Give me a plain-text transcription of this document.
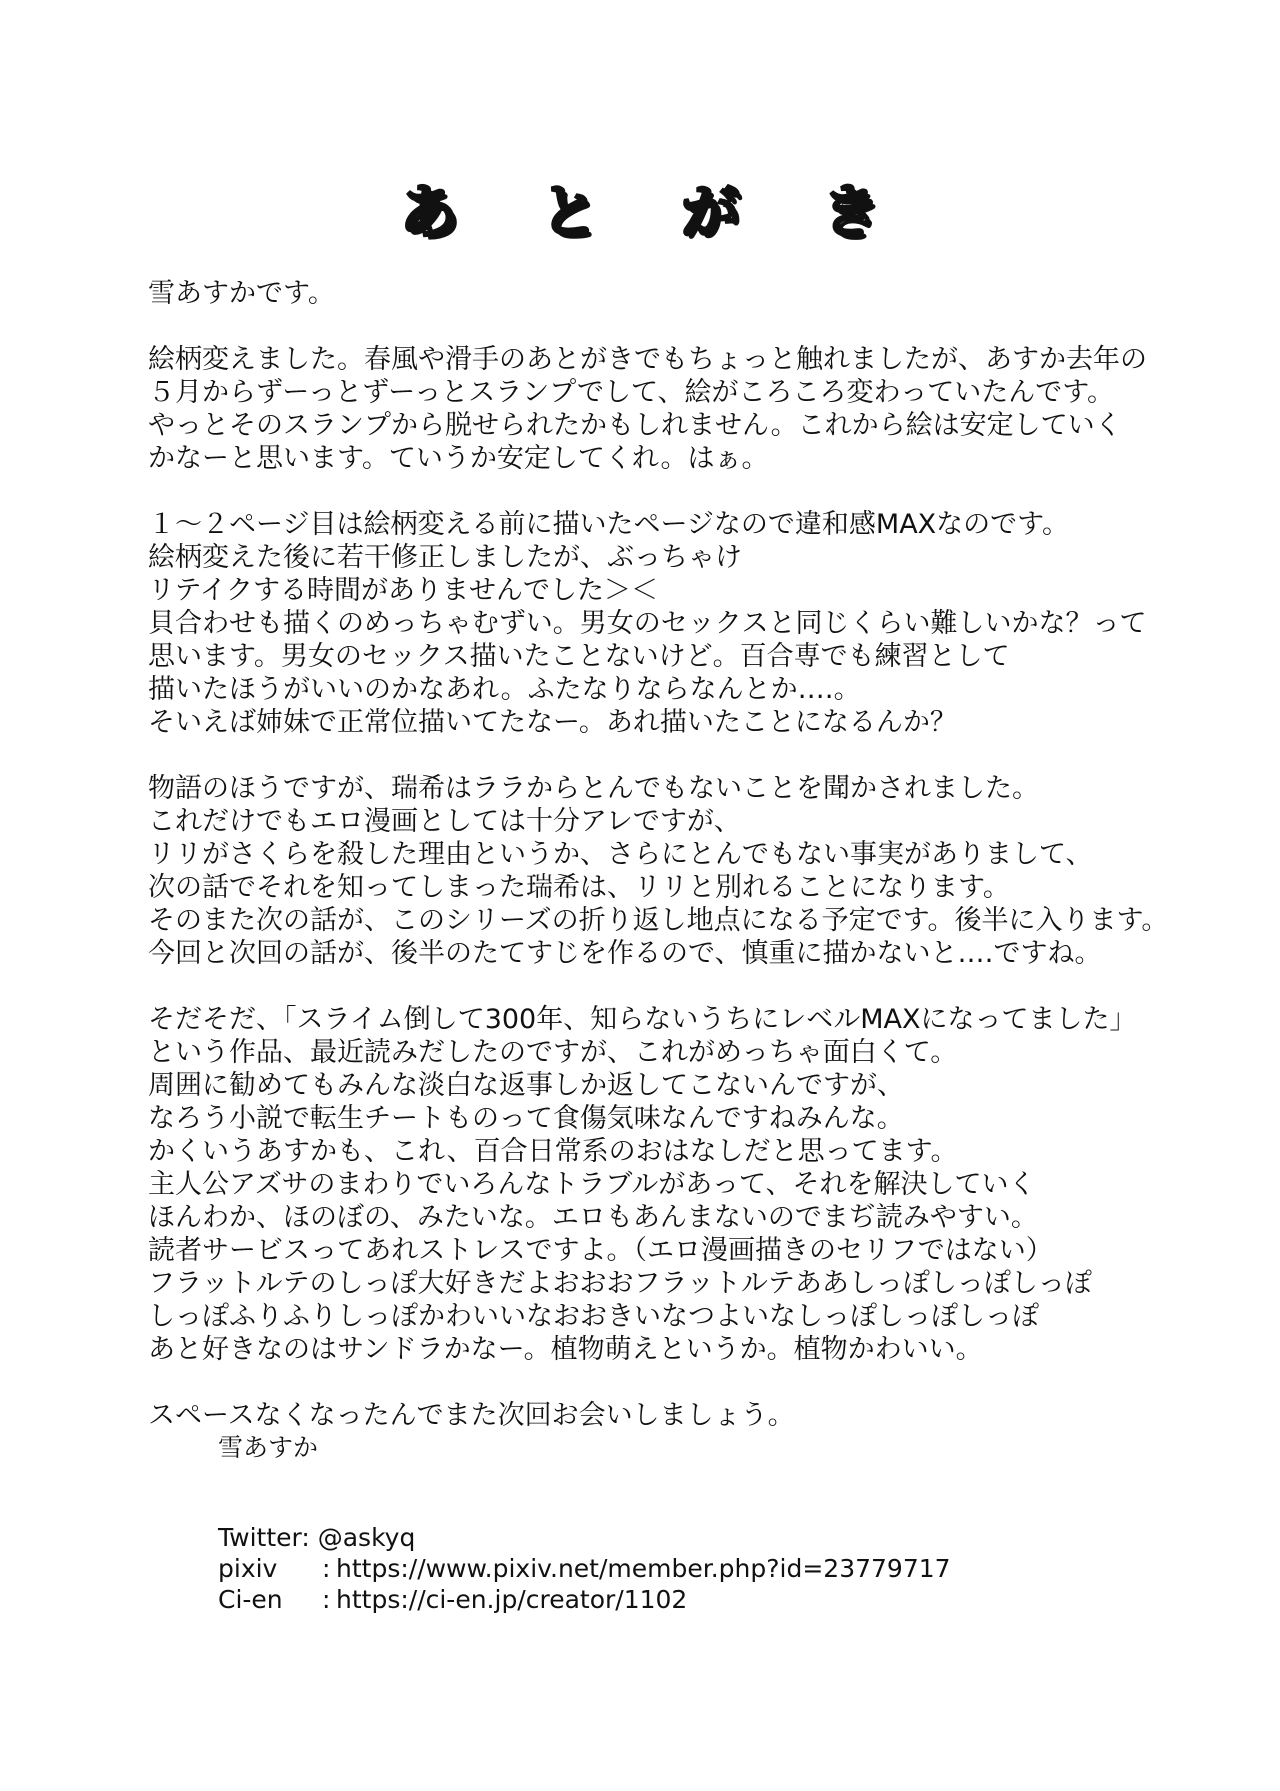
あ と が き
雪あすかです。
絵柄変えました。春風や滑手のあとがきでもちょっと触れましたが、あすか去年の
５月からずーっとずーっとスランプでして、絵がころころ変わっていたんです。
やっとそのスランプから脱せられたかもしれません。これから絵は安定していく
かなーと思います。ていうか安定してくれ。はぁ。
１～２ページ目は絵柄変える前に描いたページなので違和感MAXなのです。
絵柄変えた後に若干修正しましたが、ぶっちゃけ
リテイクする時間がありませんでした＞＜
貝合わせも描くのめっちゃむずい。男女のセックスと同じくらい難しいかな？って
思います。男女のセックス描いたことないけど。百合専でも練習として
描いたほうがいいのかなあれ。ふたなりならなんとか‥‥。
そいえば姉妹で正常位描いてたなー。あれ描いたことになるんか？
物語のほうですが、瑞希はララからとんでもないことを聞かされました。
これだけでもエロ漫画としては十分アレですが、
リリがさくらを殺した理由というか、さらにとんでもない事実がありまして、
次の話でそれを知ってしまった瑞希は、リリと別れることになります。
そのまた次の話が、このシリーズの折り返し地点になる予定です。後半に入ります。
今回と次回の話が、後半のたてすじを作るので、慎重に描かないと‥‥ですね。
そだそだ、「スライム倒して300年、知らないうちにレベルMAXになってました」
という作品、最近読みだしたのですが、これがめっちゃ面白くて。
周囲に勧めてもみんな淡白な返事しか返してこないんですが、
なろう小説で転生チートものって食傷気味なんですねみんな。
かくいうあすかも、これ、百合日常系のおはなしだと思ってます。
主人公アズサのまわりでいろんなトラブルがあって、それを解決していく
ほんわか、ほのぼの、みたいな。エロもあんまないのでまぢ読みやすい。
読者サービスってあれストレスですよ。（エロ漫画描きのセリフではない）
フラットルテのしっぽ大好きだよおおおフラットルテああしっぽしっぽしっぽ
しっぽふりふりしっぽかわいいなおおきいなつよいなしっぽしっぽしっぽ
あと好きなのはサンドラかなー。植物萌えというか。植物かわいい。
スペースなくなったんでまた次回お会いしましょう。
雪あすか
Twitter: @askyq
pixiv	: https://www.pixiv.net/member.php?id=23779717
Ci-en	: https://ci-en.jp/creator/1102
